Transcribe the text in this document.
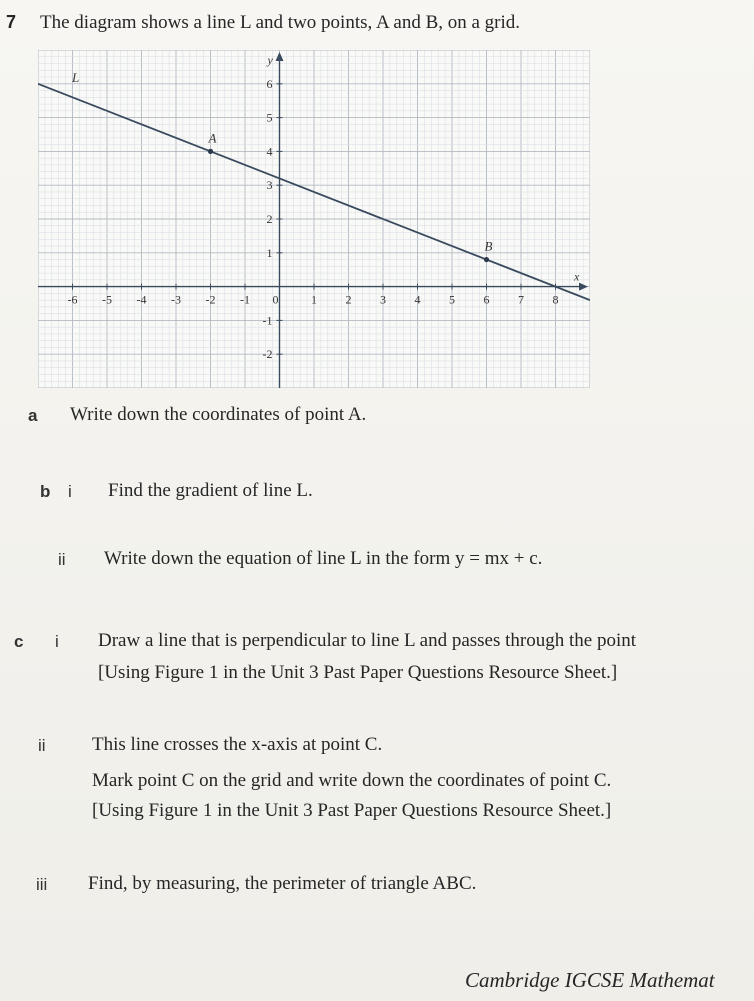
7 The diagram shows a line L and two points, A and B, on a grid.
x
y
-6 -5 -4 -3 -2 -1 0	1 2 3 4 5 6 7 8
-2
-1
1
2
3
4
5
6
L
A
B
a Write down the coordinates of point A.
b i Find the gradient of line L.
ii Write down the equation of line L in the form y = mx + c.
c i Draw a line that is perpendicular to line L and passes through the point
[Using Figure 1 in the Unit 3 Past Paper Questions Resource Sheet.]
ii This line crosses the x-axis at point C.
Mark point C on the grid and write down the coordinates of point C.
[Using Figure 1 in the Unit 3 Past Paper Questions Resource Sheet.]
iii Find, by measuring, the perimeter of triangle ABC.
Cambridge IGCSE Mathemat
